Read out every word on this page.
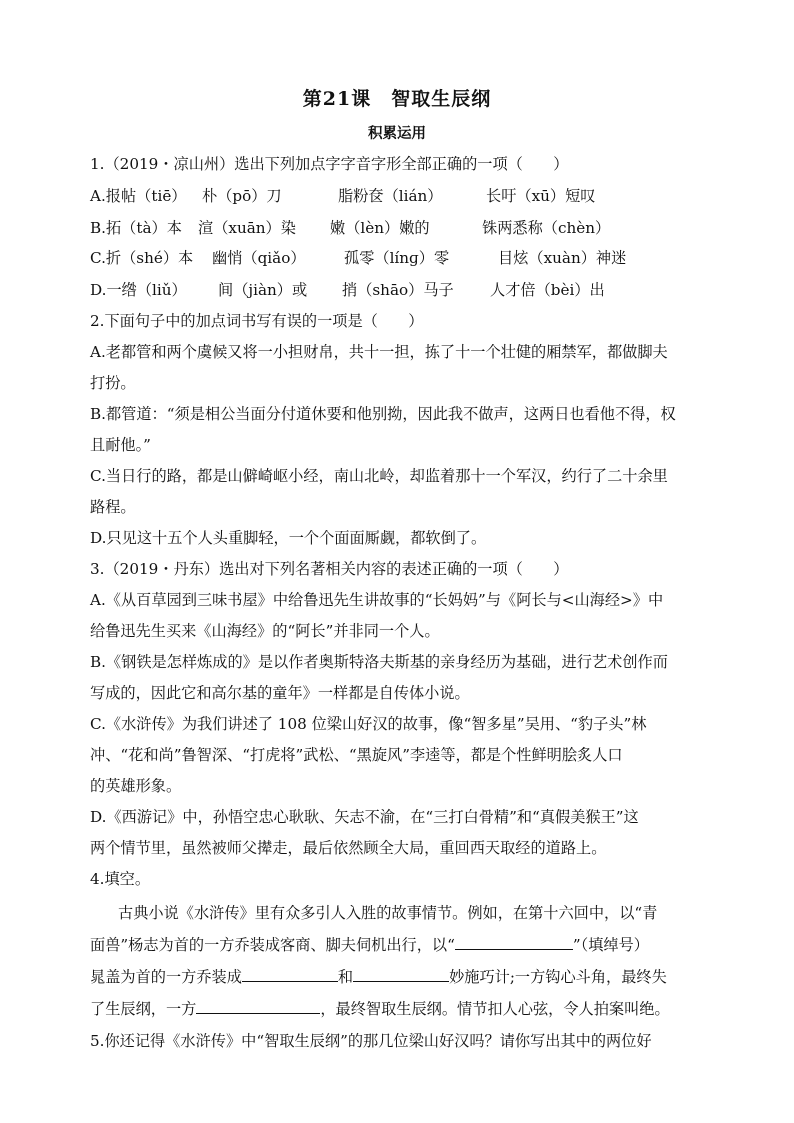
第21课　智取生辰纲
积累运用
1.（2019・凉山州）选出下列加点字字音字形全部正确的一项（　　）
A.报帖（tiē） 朴（pō）刀	脂粉奁（lián）	长吁（xū）短叹
B.拓（tà）本 渲（xuān）染 嫩（lèn）嫩的	铢两悉称（chèn）
C.折（shé）本 幽悄（qiǎo）	孤零（línɡ）零	目炫（xuàn）神迷
D.一绺（liǔ） 间（jiàn）或 捎（shāo）马子 人才倍（bèi）出
2.下面句子中的加点词书写有误的一项是（　　）
A.老都管和两个虞候又将一小担财帛，共十一担，拣了十一个壮健的厢禁军，都做脚夫
打扮。
B.都管道：“须是相公当面分付道休要和他别拗，因此我不做声，这两日也看他不得，权
且耐他。”
C.当日行的路，都是山僻崎岖小经，南山北岭，却监着那十一个军汉，约行了二十余里
路程。
D.只见这十五个人头重脚轻，一个个面面厮觑，都软倒了。
3.（2019・丹东）选出对下列名著相关内容的表述正确的一项（　　）
A.《从百草园到三味书屋》中给鲁迅先生讲故事的“长妈妈”与《阿长与<山海经>》中
给鲁迅先生买来《山海经》的“阿长”并非同一个人。
B.《钢铁是怎样炼成的》是以作者奥斯特洛夫斯基的亲身经历为基础，进行艺术创作而
写成的，因此它和高尔基的童年》一样都是自传体小说。
C.《水浒传》为我们讲述了 108 位梁山好汉的故事，像“智多星”吴用、“豹子头”林
冲、“花和尚”鲁智深、“打虎将”武松、“黑旋风”李逵等，都是个性鲜明脍炙人口
的英雄形象。
D.《西游记》中，孙悟空忠心耿耿、矢志不渝，在“三打白骨精”和“真假美猴王”这
两个情节里，虽然被师父撵走，最后依然顾全大局，重回西天取经的道路上。
4.填空。
古典小说《水浒传》里有众多引人入胜的故事情节。例如，在第十六回中，以“青
面兽”杨志为首的一方乔装成客商、脚夫伺机出行，以“	”（填绰号）
晁盖为首的一方乔装成	和	妙施巧计;一方钩心斗角，最终失
了生辰纲，一方	，最终智取生辰纲。情节扣人心弦，令人拍案叫绝。
5.你还记得《水浒传》中“智取生辰纲”的那几位梁山好汉吗？请你写出其中的两位好
